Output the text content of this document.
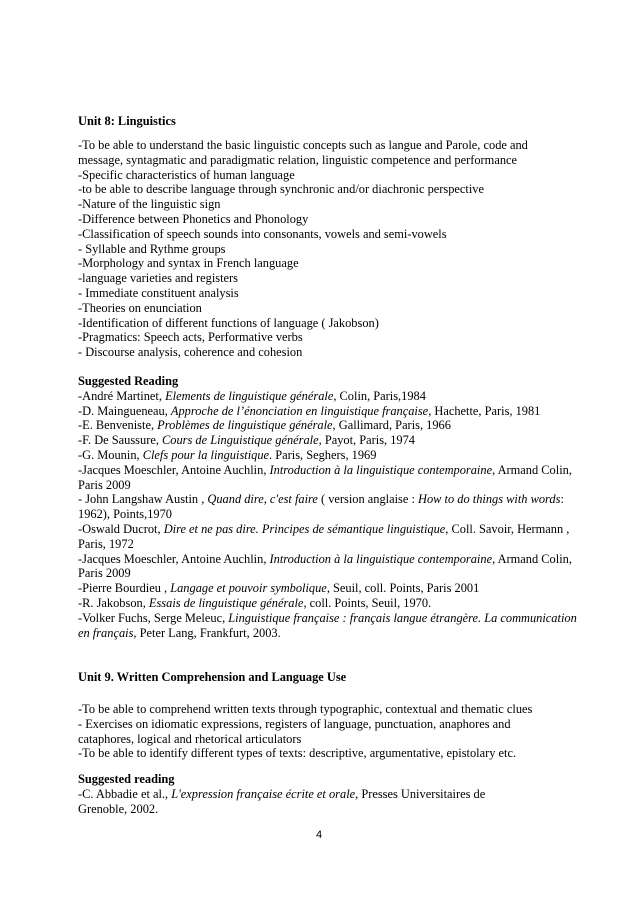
Unit 8: Linguistics
-To be able to understand the basic linguistic concepts such as langue and Parole, code and
message, syntagmatic and paradigmatic relation, linguistic competence and performance
-Specific characteristics of human language
-to be able to describe language through synchronic and/or diachronic perspective
-Nature of the linguistic sign
-Difference between Phonetics and Phonology
-Classification of speech sounds into consonants, vowels and semi-vowels
- Syllable and Rythme groups
-Morphology and syntax in French language
-language varieties and registers
- Immediate constituent analysis
-Theories on enunciation
-Identification of different functions of language ( Jakobson)
-Pragmatics: Speech acts, Performative verbs
- Discourse analysis, coherence and cohesion
Suggested Reading
-André Martinet, Elements de linguistique générale, Colin, Paris,1984
-D. Maingueneau, Approche de l’énonciation en linguistique française, Hachette, Paris, 1981
-E. Benveniste, Problèmes de linguistique générale, Gallimard, Paris, 1966
-F. De Saussure, Cours de Linguistique générale, Payot, Paris, 1974
-G. Mounin, Clefs pour la linguistique. Paris, Seghers, 1969
-Jacques Moeschler, Antoine Auchlin, Introduction à la linguistique contemporaine, Armand Colin, Paris 2009
- John Langshaw Austin , Quand dire, c'est faire ( version anglaise : How to do things with words: 1962), Points,1970
-Oswald Ducrot, Dire et ne pas dire. Principes de sémantique linguistique, Coll. Savoir, Hermann , Paris, 1972
-Jacques Moeschler, Antoine Auchlin, Introduction à la linguistique contemporaine, Armand Colin, Paris 2009
-Pierre Bourdieu , Langage et pouvoir symbolique, Seuil, coll. Points, Paris 2001
-R. Jakobson, Essais de linguistique générale, coll. Points, Seuil, 1970.
-Volker Fuchs, Serge Meleuc, Linguistique française : français langue étrangère. La communication en français, Peter Lang, Frankfurt, 2003.
Unit 9. Written Comprehension and Language Use
-To be able to comprehend written texts through typographic, contextual and thematic clues
- Exercises on idiomatic expressions, registers of language, punctuation, anaphores and
cataphores, logical and rhetorical articulators
-To be able to identify different types of texts: descriptive, argumentative, epistolary etc.
Suggested reading
-C. Abbadie et al., L'expression française écrite et orale, Presses Universitaires de Grenoble, 2002.
4
